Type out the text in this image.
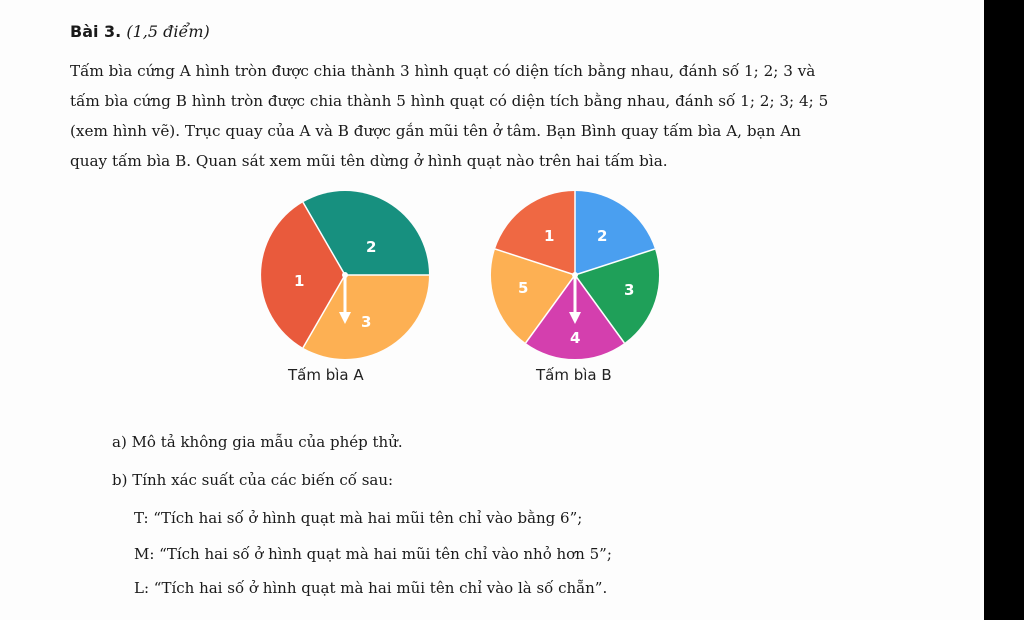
Bài 3. (1,5 điểm)

Tấm bìa cứng A hình tròn được chia thành 3 hình quạt có diện tích bằng nhau, đánh số 1; 2; 3 và
tấm bìa cứng B hình tròn được chia thành 5 hình quạt có diện tích bằng nhau, đánh số 1; 2; 3; 4; 5
(xem hình vẽ). Trục quay của A và B được gắn mũi tên ở tâm. Bạn Bình quay tấm bìa A, bạn An
quay tấm bìa B. Quan sát xem mũi tên dừng ở hình quạt nào trên hai tấm bìa.

1
2
3
1	2
3
4
5
Tấm bìa A	Tấm bìa B
a) Mô tả không gia mẫu của phép thử.
b) Tính xác suất của các biến cố sau:
T: “Tích hai số ở hình quạt mà hai mũi tên chỉ vào bằng 6”;
M: “Tích hai số ở hình quạt mà hai mũi tên chỉ vào nhỏ hơn 5”;
L: “Tích hai số ở hình quạt mà hai mũi tên chỉ vào là số chẵn”.
